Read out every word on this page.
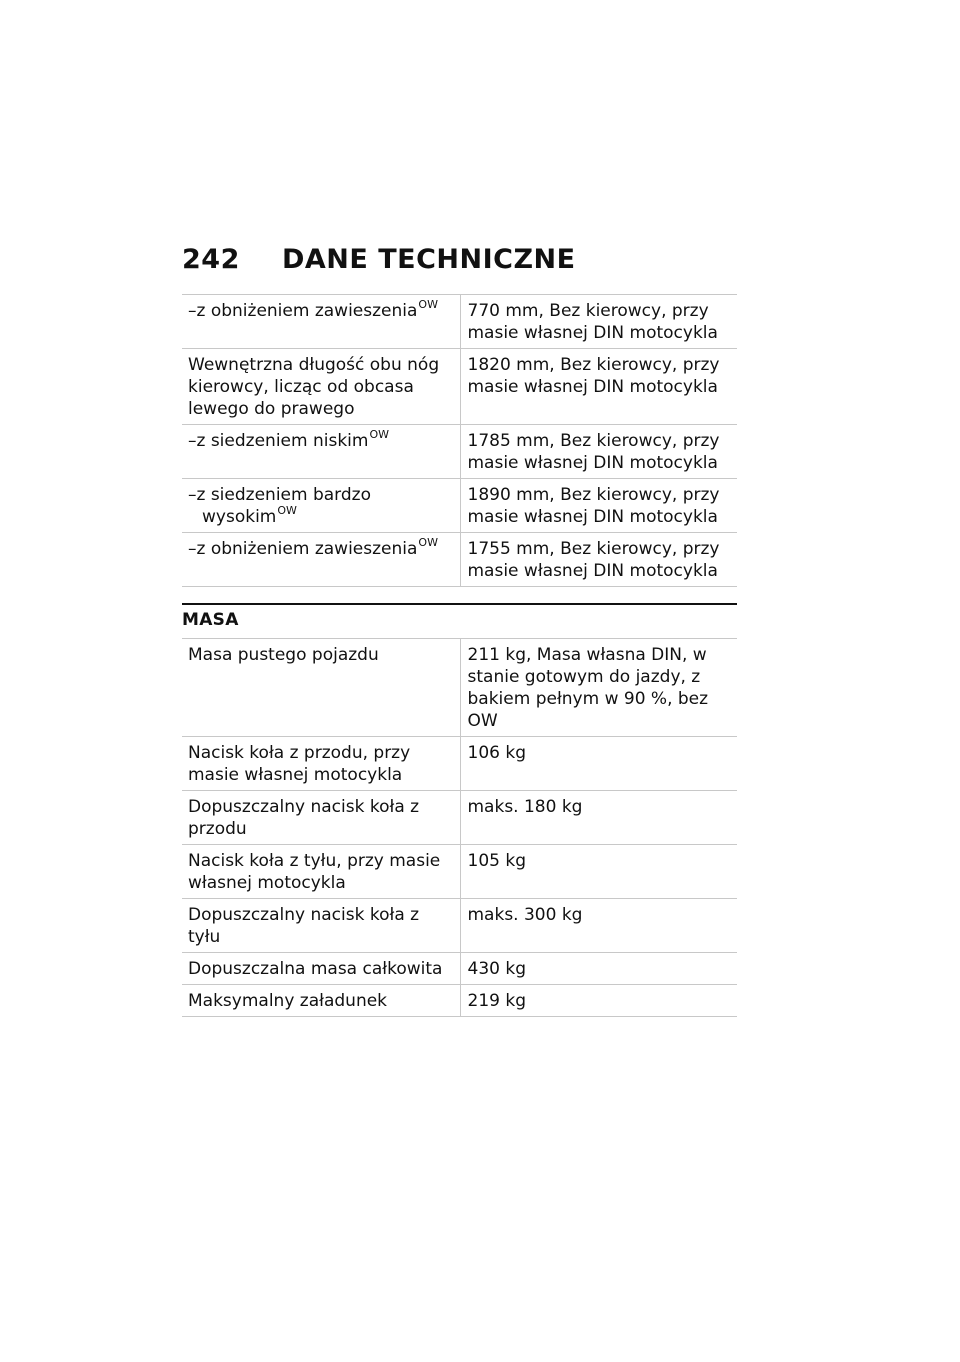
242 DANE TECHNICZNE
–z obniżeniem zawieszenia$^{OW}$	770 mm, Bez kierowcy, przy masie własnej DIN motocykla
Wewnętrzna długość obu nóg kierowcy, licząc od obcasa lewego do prawego	1820 mm, Bez kierowcy, przy masie własnej DIN motocykla
–z siedzeniem niskim$^{OW}$	1785 mm, Bez kierowcy, przy masie własnej DIN motocykla

–z siedzeniem bardzo wysokim$^{OW}$	1890 mm, Bez kierowcy, przy masie własnej DIN motocykla
–z obniżeniem zawieszenia$^{OW}$	1755 mm, Bez kierowcy, przy masie własnej DIN motocykla
MASA
Masa pustego pojazdu	211 kg, Masa własna DIN, w stanie gotowym do jazdy, z bakiem pełnym w 90 %, bez OW
Nacisk koła z przodu, przy masie własnej motocykla	106 kg
Dopuszczalny nacisk koła z przodu	maks. 180 kg
Nacisk koła z tyłu, przy masie własnej motocykla	105 kg
Dopuszczalny nacisk koła z tyłu	maks. 300 kg
Dopuszczalna masa całkowita	430 kg
Maksymalny załadunek	219 kg
